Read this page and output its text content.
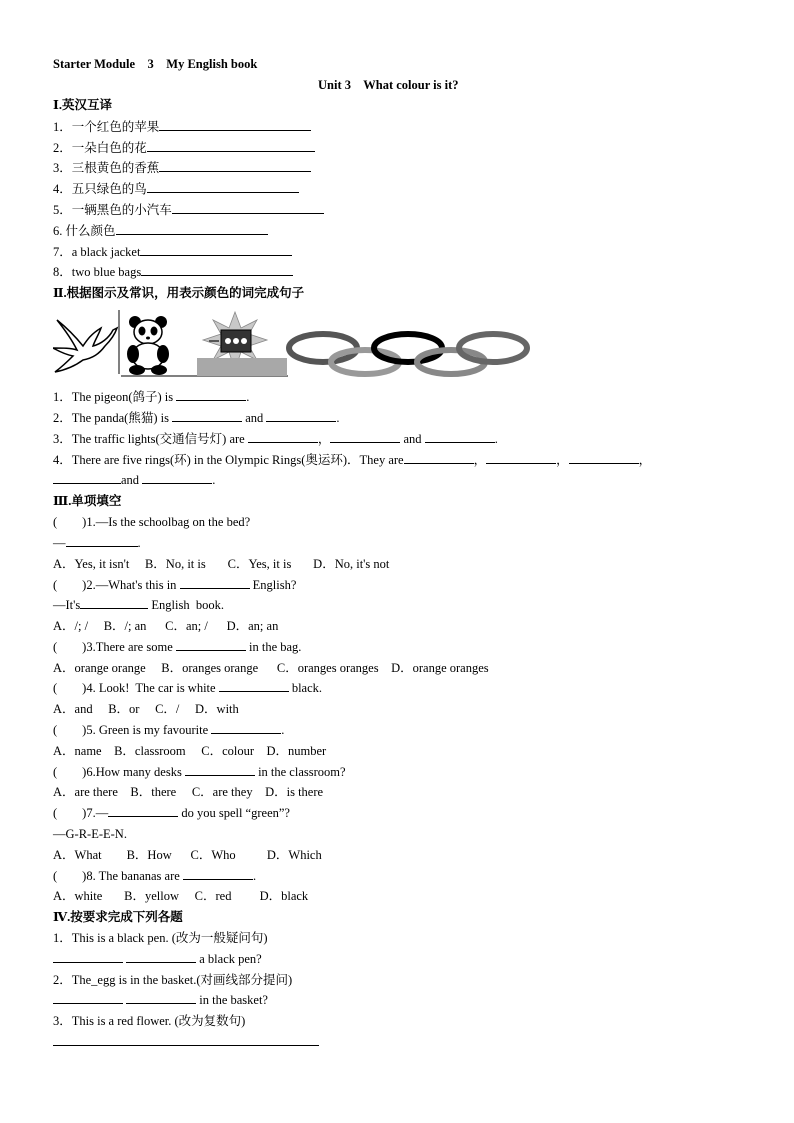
Starter Module    3    My English book
Unit 3    What colour is it?
Ⅰ.英汉互译
1．一个红色的苹果
2．一朵白色的花
3．三根黄色的香蕉
4．五只绿色的鸟
5．一辆黑色的小汽车
6. 什么颜色
7．a black jacket
8．two blue bags
Ⅱ.根据图示及常识，用表示颜色的词完成句子
1．The pigeon(鸽子) is	.
2．The panda(熊猫) is	and	.
3．The traffic lights(交通信号灯) are	，	and	.
4．There are five rings(环) in the Olympic Rings(奥运环)．They are	，	，	，
and	.
Ⅲ.单项填空
(        )1.—Is the schoolbag on the bed?
—	.
A．Yes, it isn't     B．No, it is       C．Yes, it is       D．No, it's not
(        )2.—What's this in	English?
—It's	English  book.
A．/; /     B．/; an      C．an; /      D．an; an
(        )3.There are some	in the bag.
A．orange orange     B．oranges orange      C．oranges oranges    D．orange oranges
(        )4. Look!  The car is white	black.
A．and     B．or     C．/     D．with
(        )5. Green is my favourite	.
A．name    B．classroom     C．colour    D．number
(        )6.How many desks	in the classroom?
A．are there    B．there     C．are they    D．is there
(        )7.—	do you spell “green”?
—G-R-E-E-N.
A．What        B．How      C．Who          D．Which
(        )8. The bananas are	.
A．white       B．yellow     C．red         D．black
Ⅳ.按要求完成下列各题
1．This is a black pen. (改为一般疑问句)
a black pen?
2．The_egg is in the basket.(对画线部分提问)
in the basket?
3．This is a red flower. (改为复数句)
